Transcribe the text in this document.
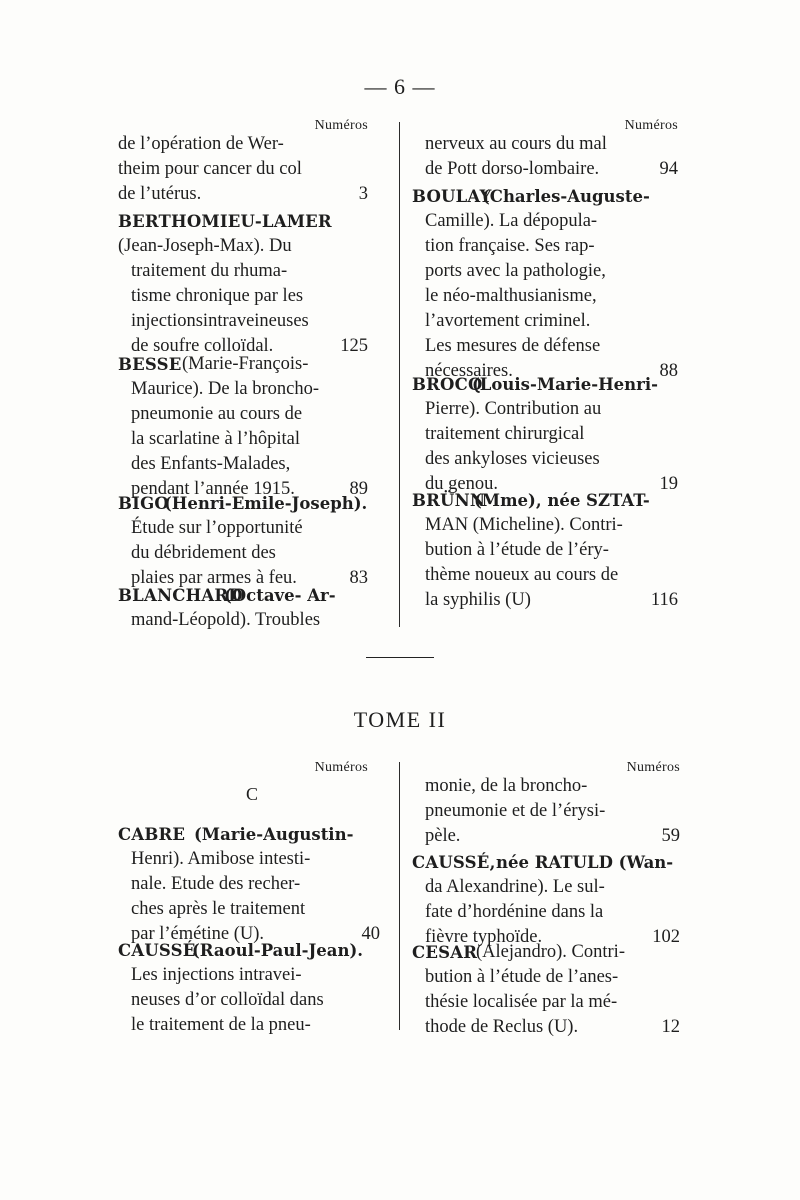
— 6 —
Numéros
de l’opération de Wer-
theim pour cancer du col
de l’utérus.	3
BERTHOMIEU-LAMER
(Jean-Joseph-Max). Du
traitement du rhuma-
tisme chronique par les
injectionsintraveineuses
de soufre colloïdal.	125
BESSE (Marie-François-
Maurice). De la broncho-
pneumonie au cours de
la scarlatine à l’hôpital
des Enfants-Malades,
pendant l’année 1915.	89
BIGO
(Henri-Emile-Joseph).
Étude sur l’opportunité
du débridement des
plaies par armes à feu.	83
BLANCHARD
(Octave- Ar-
mand-Léopold). Troubles
Numéros
nerveux au cours du mal
de Pott dorso-lombaire.	94
BOULAY
(Charles-Auguste-
Camille). La dépopula-
tion française. Ses rap-
ports avec la pathologie,
le néo-malthusianisme,
l’avortement criminel.
Les mesures de défense
nécessaires.	88
BROCQ
(Louis-Marie-Henri-
Pierre). Contribution au
traitement chirurgical
des ankyloses vicieuses
du genou.	19
BRÜNN
(Mme), née SZTAT-
MAN (Micheline). Contri-
bution à l’étude de l’éry-
thème noueux au cours de
la syphilis (U)	116
TOME II
Numéros
C
CABRE (Marie-Augustin-
Henri). Amibose intesti-
nale. Etude des recher-
ches après le traitement
par l’émétine (U).	40
CAUSSÉ
(Raoul-Paul-Jean).
Les injections intravei-
neuses d’or colloïdal dans
le traitement de la pneu-
Numéros
monie, de la broncho-
pneumonie et de l’érysi-
pèle.	59
CAUSSÉ, née RATULD (Wan-
da Alexandrine). Le sul-
fate d’hordénine dans la
fièvre typhoïde.	102
CESAR
(Alejandro). Contri-
bution à l’étude de l’anes-
thésie localisée par la mé-
thode de Reclus (U).	12
